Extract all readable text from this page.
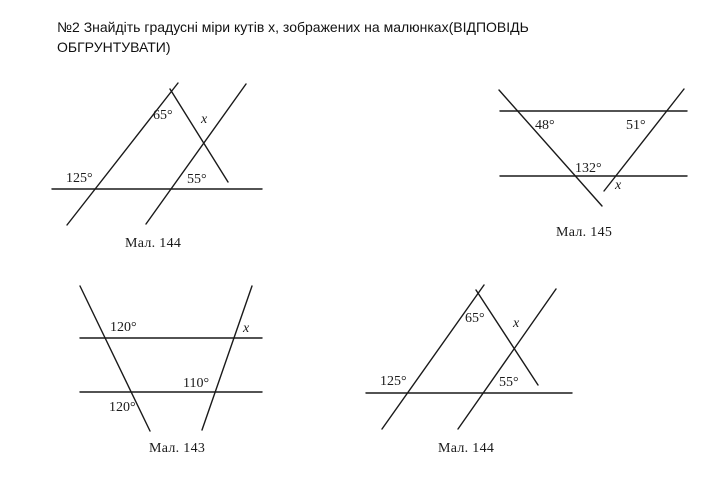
№2 Знайдіть градусні міри кутів х, зображених на малюнках(ВІДПОВІДЬ ОБГРУНТУВАТИ)
65° x
125°	55°
Мал. 144
48°	51°
132°
x
Мал. 145
120°	x
110°
120°
Мал. 143
65° x
125°	55°
Мал. 144
